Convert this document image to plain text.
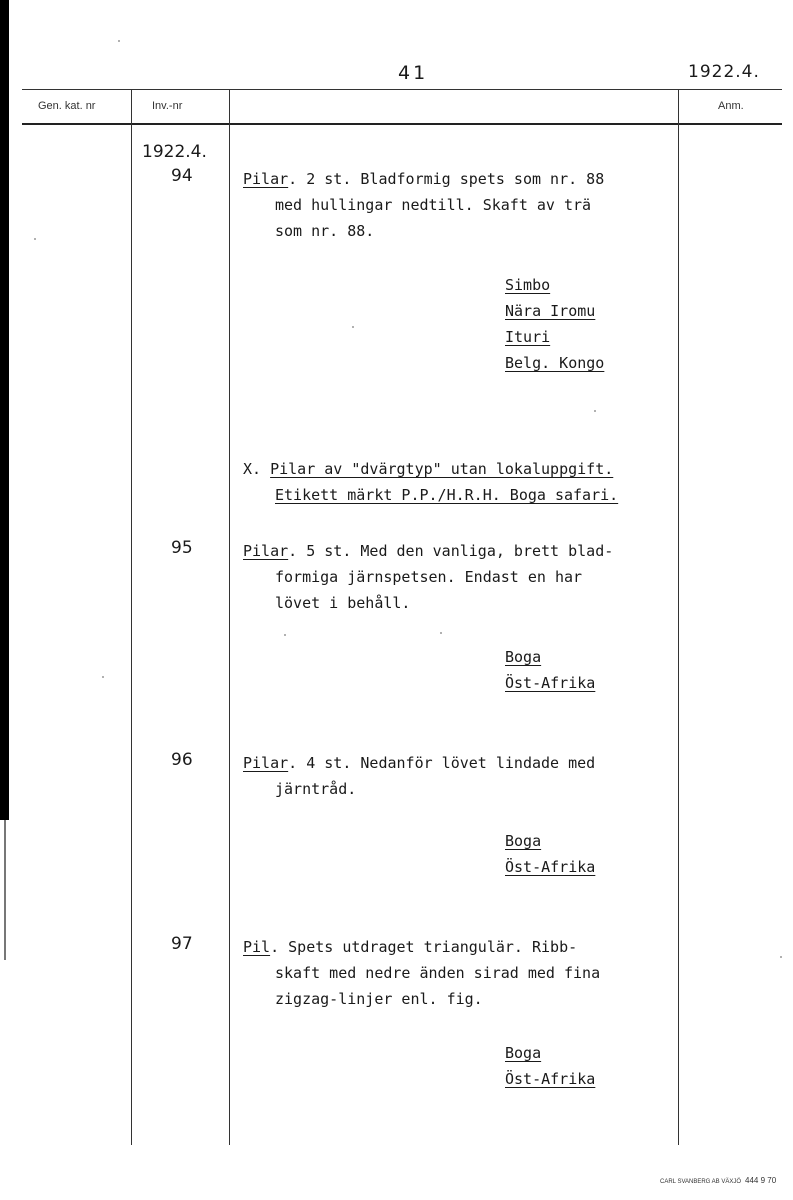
41	1922.4.
Gen. kat. nr	Inv.-nr	Anm.
1922.4.
94	Pilar. 2 st. Bladformig spets som nr. 88
med hullingar nedtill. Skaft av trä
som nr. 88.
Simbo
Nära Iromu
Ituri
Belg. Kongo
X. Pilar av "dvärgtyp" utan lokaluppgift.
Etikett märkt P.P./H.R.H. Boga safari.
95	Pilar. 5 st. Med den vanliga, brett blad-
formiga järnspetsen. Endast en har
lövet i behåll.
Boga
Öst-Afrika
96	Pilar. 4 st. Nedanför lövet lindade med
järntråd.
Boga
Öst-Afrika
97	Pil. Spets utdraget triangulär. Ribb-
skaft med nedre änden sirad med fina
zigzag-linjer enl. fig.
Boga
Öst-Afrika
CARL SVANBERG AB VÄXJÖ 444 9 70
